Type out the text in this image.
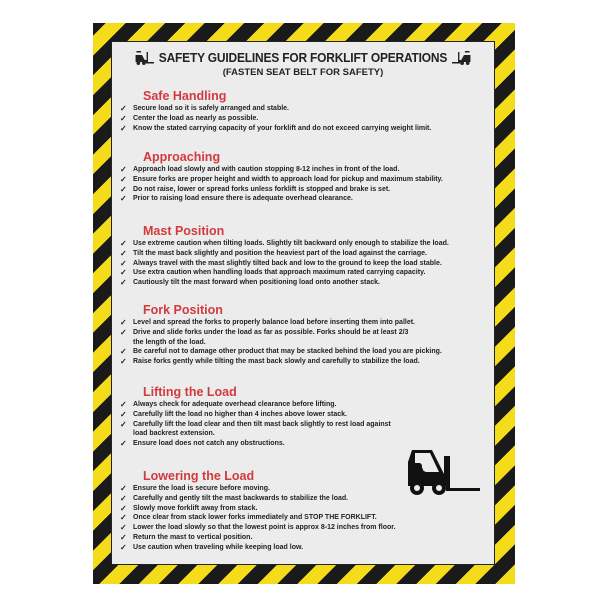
SAFETY GUIDELINES FOR FORKLIFT OPERATIONS
(FASTEN SEAT BELT FOR SAFETY)
Safe Handling
✓ Secure load so it is safely arranged and stable.
✓ Center the load as nearly as possible.
✓ Know the stated carrying capacity of your forklift and do not exceed carrying weight limit.
Approaching
✓ Approach load slowly and with caution stopping 8-12 inches in front of the load.
✓ Ensure forks are proper height and width to approach load for pickup and maximum stability.
✓ Do not raise, lower or spread forks unless forklift is stopped and brake is set.
✓ Prior to raising load ensure there is adequate overhead clearance.
Mast Position
✓ Use extreme caution when tilting loads. Slightly tilt backward only enough to stabilize the load.
✓ Tilt the mast back slightly and position the heaviest part of the load against the carriage.
✓ Always travel with the mast slightly tilted back and low to the ground to keep the load stable.
✓ Use extra caution when handling loads that approach maximum rated carrying capacity.
✓ Cautiously tilt the mast forward when positioning load onto another stack.
Fork Position
✓ Level and spread the forks to properly balance load before inserting them into pallet.
✓ Drive and slide forks under the load as far as possible. Forks should be at least 2/3
the length of the load.
✓ Be careful not to damage other product that may be stacked behind the load you are picking.
✓ Raise forks gently while tilting the mast back slowly and carefully to stabilize the load.
Lifting the Load
✓ Always check for adequate overhead clearance before lifting.
✓ Carefully lift the load no higher than 4 inches above lower stack.
✓ Carefully lift the load clear and then tilt mast back slightly to rest load against
load backrest extension.
✓ Ensure load does not catch any obstructions.
Lowering the Load
✓ Ensure the load is secure before moving.
✓ Carefully and gently tilt the mast backwards to stabilize the load.
✓ Slowly move forklift away from stack.
✓ Once clear from stack lower forks immediately and STOP THE FORKLIFT.
✓ Lower the load slowly so that the lowest point is approx 8-12 inches from floor.
✓ Return the mast to vertical position.
✓ Use caution when traveling while keeping load low.
